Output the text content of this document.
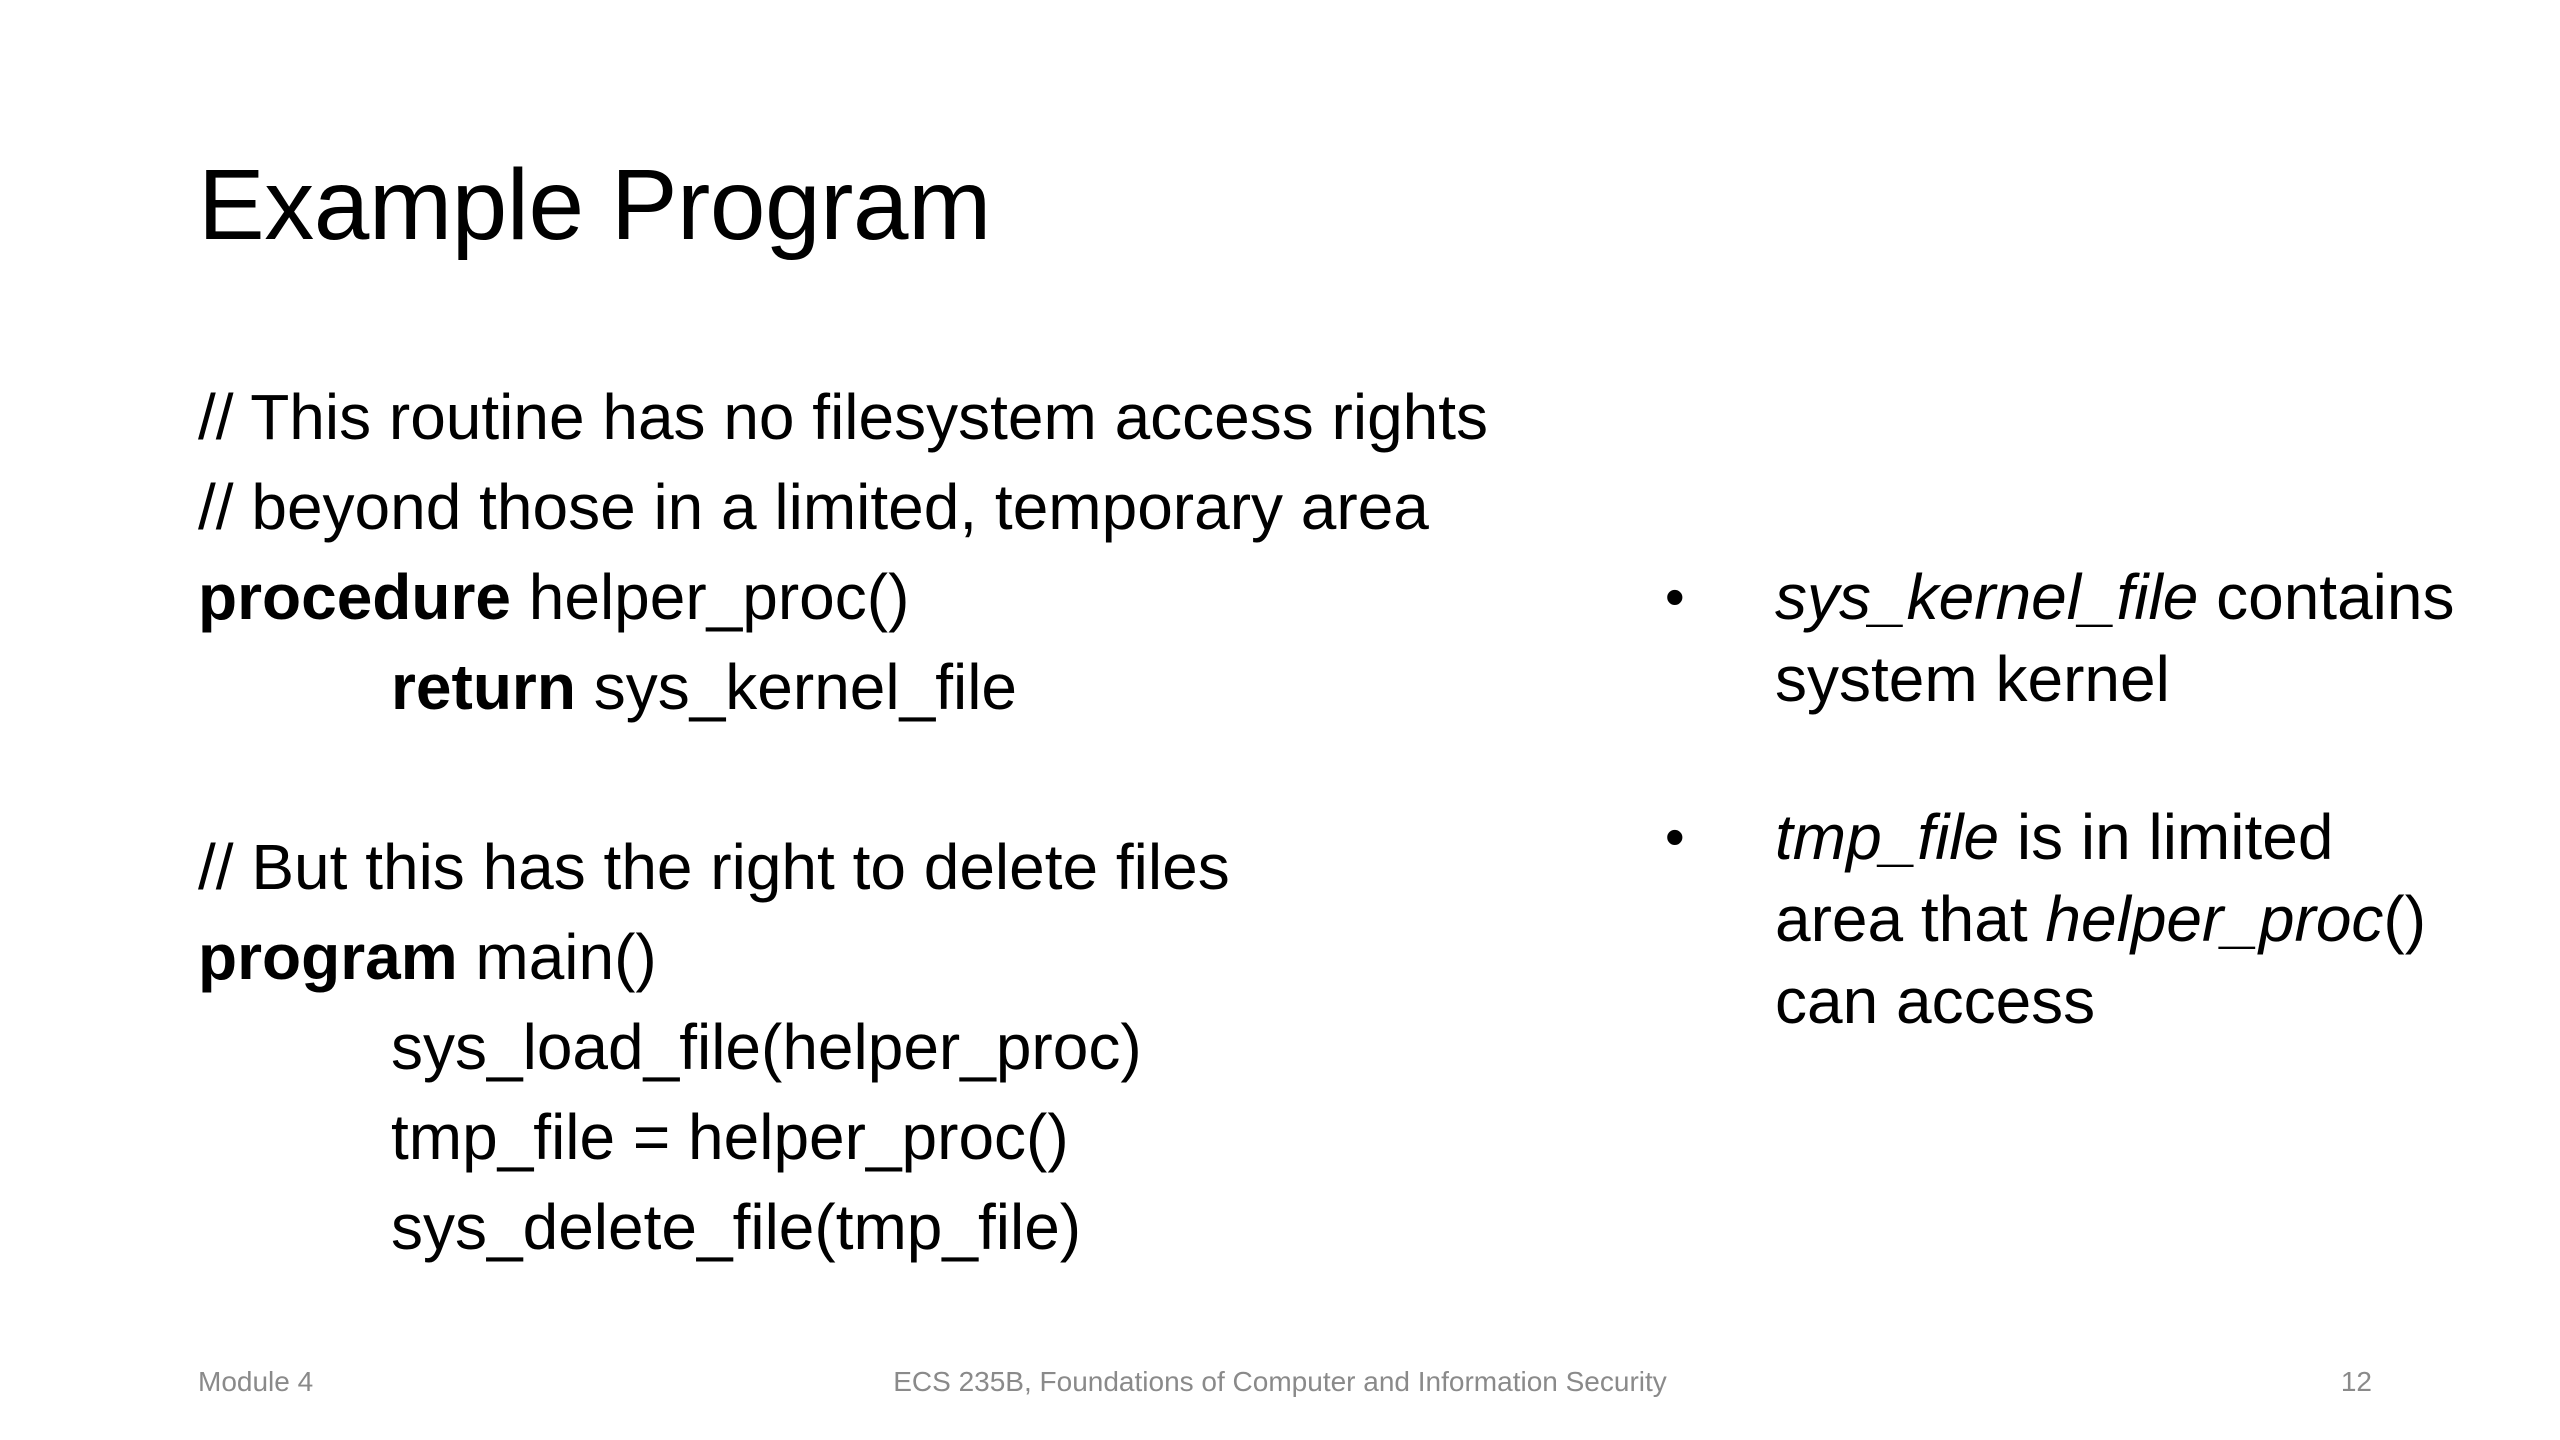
Example Program
// This routine has no filesystem access rights
// beyond those in a limited, temporary area
procedure helper_proc()
return sys_kernel_file
// But this has the right to delete files
program main()
sys_load_file(helper_proc)
tmp_file = helper_proc()
sys_delete_file(tmp_file)
• sys_kernel_file contains system kernel
• tmp_file is in limited area that helper_proc() can access
Module 4	ECS 235B, Foundations of Computer and Information Security	12
